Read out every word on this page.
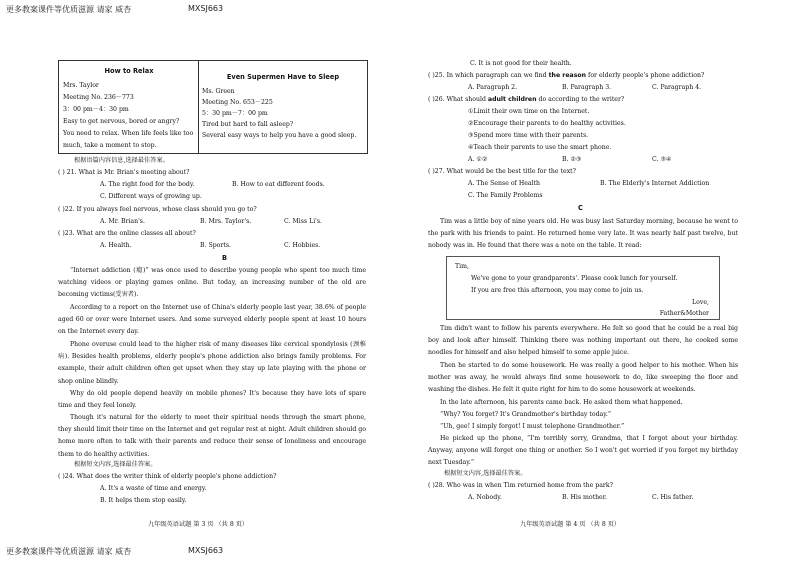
更多教案课件等优质滋源 请家 威杏	MXSJ663
How to Relax
Mrs. Taylor
Meeting No. 236－773
3：00 pm－4：30 pm
Easy to get nervous, bored or angry?
You need to relax. When life feels like too
much, take a moment to stop.
Even Supermen Have to Sleep
Ms. Green
Meeting No. 653－225
5：30 pm－7：00 pm
Tired but hard to fall asleep?
Several easy ways to help you have a good sleep.
根据语篇内容信息,选择最佳答案。
( ) 21. What is Mr. Brian's meeting about?
A. The right food for the body.	B. How to eat different foods.
C. Different ways of growing up.
( )22. If you always feel nervous, whose class should you go to?
A. Mr. Brian's.	B. Mrs. Taylor's.	C. Miss Li's.
( )23. What are the online classes all about?
A. Health.	B. Sports.	C. Hobbies.
B
“Internet addiction (瘾)” was once used to describe young people who spent too much time watching videos or playing games online. But today, an increasing number of the old are becoming victims(受害者).
According to a report on the Internet use of China's elderly people last year, 38.6% of people aged 60 or over were Internet users. And some surveyed elderly people spent at least 10 hours on the Internet every day.
Phone overuse could lead to the higher risk of many diseases like cervical spondylosis (颈椎病). Besides health problems, elderly people's phone addiction also brings family problems. For example, their adult children often get upset when they stay up late playing with the phone or shop online blindly.
Why do old people depend heavily on mobile phones? It's because they have lots of spare time and they feel lonely.
Though it's natural for the elderly to meet their spiritual needs through the smart phone, they should limit their time on the Internet and get regular rest at night. Adult children should go home more often to talk with their parents and reduce their sense of loneliness and encourage them to do healthy activities.
根据短文内容,选择最佳答案。
( )24. What does the writer think of elderly people's phone addiction?
A. It's a waste of time and energy.
B. It helps them stop easily.
九年级英语试题 第 3 页 （共 8 页）
C. It is not good for their health.
( )25. In which paragraph can we find the reason for elderly people's phone addiction?
A. Paragraph 2.	B. Paragraph 3.	C. Paragraph 4.
( )26. What should adult children do according to the writer?
①Limit their own time on the Internet.
②Encourage their parents to do healthy activities.
③Spend more time with their parents.
④Teach their parents to use the smart phone.
A. ①②	B. ②③	C. ③④
( )27. What would be the best title for the text?
A. The Sense of Health	B. The Elderly's Internet Addiction
C. The Family Problems
C
Tim was a little boy of nine years old. He was busy last Saturday morning, because he went to the park with his friends to paint. He returned home very late. It was nearly half past twelve, but nobody was in. He found that there was a note on the table. It read:
Tim,
We've gone to your grandparents'. Please cook lunch for yourself.
If you are free this afternoon, you may come to join us.
Love,
Father&Mother
Tim didn't want to follow his parents everywhere. He felt so good that he could be a real big boy and look after himself. Thinking there was nothing important out there, he cooked some noodles for himself and also helped himself to some apple juice.
Then he started to do some housework. He was really a good helper to his mother. When his mother was away, he would always find some housework to do, like sweeping the floor and washing the dishes. He felt it quite right for him to do some housework at weekends.
In the late afternoon, his parents came back. He asked them what happened.
“Why? You forget? It's Grandmother's birthday today.”
“Uh, gee! I simply forgot! I must telephone Grandmother.”
He picked up the phone, “I'm terribly sorry, Grandma, that I forgot about your birthday. Anyway, anyone will forget one thing or another. So I won't get worried if you forget my birthday next Tuesday.”
根据短文内容,选择最佳答案。
( )28. Who was in when Tim returned home from the park?
A. Nobody.	B. His mother.	C. His father.
九年级英语试题 第 4 页 （共 8 页）
更多教案课件等优质滋源 请家 威杏	MXSJ663
